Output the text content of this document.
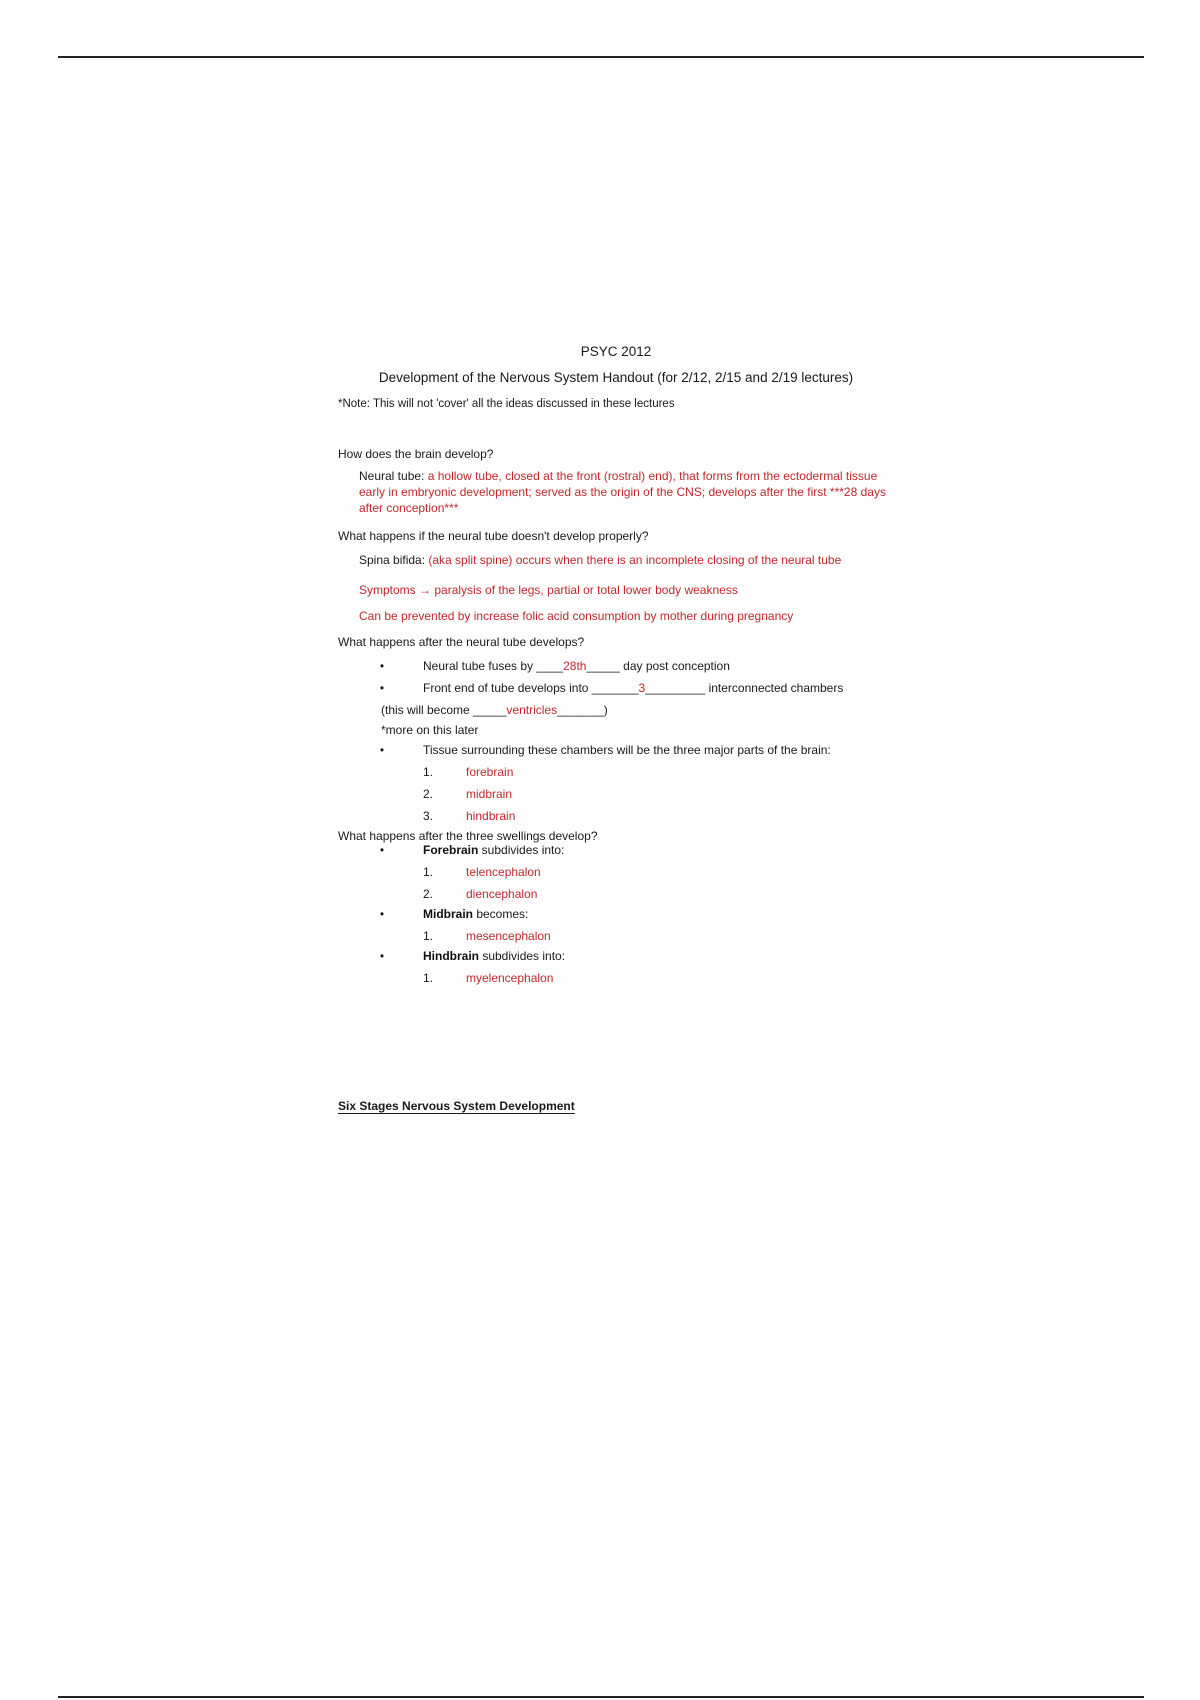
PSYC 2012
Development of the Nervous System Handout (for 2/12, 2/15 and 2/19 lectures)
*Note: This will not 'cover' all the ideas discussed in these lectures
How does the brain develop?
Neural tube: a hollow tube, closed at the front (rostral) end), that forms from the ectodermal tissue early in embryonic development; served as the origin of the CNS; develops after the first ***28 days after conception***
What happens if the neural tube doesn't develop properly?
Spina bifida: (aka split spine) occurs when there is an incomplete closing of the neural tube
Symptoms → paralysis of the legs, partial or total lower body weakness
Can be prevented by increase folic acid consumption by mother during pregnancy
What happens after the neural tube develops?
•	Neural tube fuses by ____28th_____ day post conception
•	Front end of tube develops into _______3_________ interconnected chambers
(this will become _____ventricles_______)
*more on this later
•	Tissue surrounding these chambers will be the three major parts of the brain:
1.	forebrain
2.	midbrain
3.	hindbrain
What happens after the three swellings develop?
•	Forebrain subdivides into:
1.	telencephalon
2.	diencephalon
•	Midbrain becomes:
1.	mesencephalon
•	Hindbrain subdivides into:
1.	myelencephalon
Six Stages Nervous System Development
